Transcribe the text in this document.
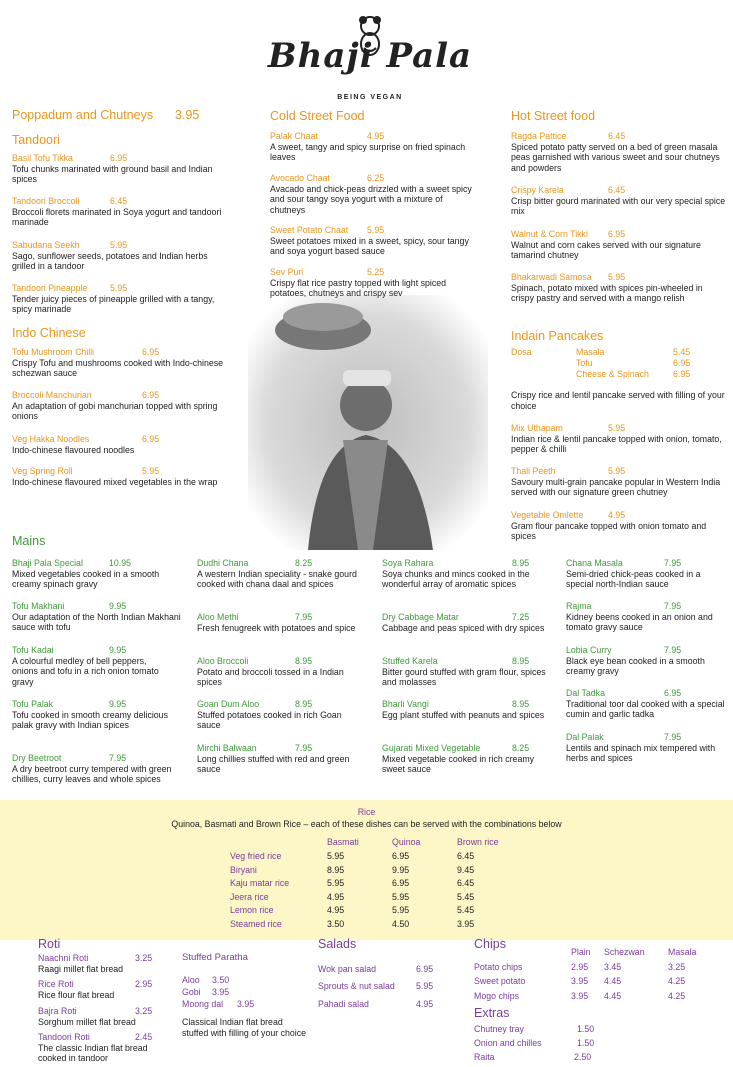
Bhaji Pala
BEING VEGAN
Poppadum and Chutneys 3.95
Tandoori
Basil Tofu Tikka	6.95
Tofu chunks marinated with ground basil and Indian spices
Tandoori Broccoli	6.45
Broccoli florets marinated in Soya yogurt and tandoori marinade
Sabudana Seekh	5.95
Sago, sunflower seeds, potatoes and Indian herbs grilled in a tandoor
Tandoori Pineapple	5.95
Tender juicy pieces of pineapple grilled with a tangy, spicy marinade
Indo Chinese
Tofu Mushroom Chilli	6.95
Crispy Tofu and mushrooms cooked with Indo-chinese schezwan sauce
Broccoli Manchurian	6.95
An adaptation of gobi manchurian topped with spring onions
Veg Hakka Noodles	6.95
Indo-chinese flavoured noodles
Veg Spring Roll	5.95
Indo-chinese flavoured mixed vegetables in the wrap
Cold Street Food
Palak Chaat	4.95
A sweet, tangy and spicy surprise on fried spinach leaves
Avocado Chaat	6.25
Avacado and chick-peas drizzled with a sweet spicy and sour tangy soya yogurt with a mixture of chutneys
Sweet Potato Chaat 5.95
Sweet potatoes mixed in a sweet, spicy, sour tangy and soya yogurt based sauce
Sev Puri	5.25
Crispy flat rice pastry topped with light spiced potatoes, chutneys and crispy sev
Hot Street food
Ragda Pattice	6.45
Spiced potato patty served on a bed of green masala peas garnished with various sweet and sour chutneys and powders
Crispy Karela	6.45
Crisp bitter gourd marinated with our very special spice mix
Walnut & Corn Tikki 6.95
Walnut and corn cakes served with our signature tamarind chutney
Bhakarwadi Samosa 5.95
Spinach, potato mixed with spices pin-wheeled in crispy pastry and served with a mango relish
Indain Pancakes
Dosa	Masala	5.45
Tofu	6.95
Cheese & Spinach	6.95
Crispy rice and lentil pancake served with filling of your choice
Mix Uthapam	5.95
Indian rice & lentil pancake topped with onion, tomato, pepper & chilli
Thali Peeth	5.95
Savoury multi-grain pancake popular in Western India served with our signature green chutney
Vegetable Omlette	4.95
Gram flour pancake topped with onion tomato and spices
Mains
Bhaji Pala Special	10.95
Mixed vegetables cooked in a smooth creamy spinach gravy
Tofu Makhani	9.95
Our adaptation of the North Indian Makhani sauce with tofu
Tofu Kadai	9.95
A colourful medley of bell peppers, onions and tofu in a rich onion tomato gravy
Tofu Palak	9.95
Tofu cooked in smooth creamy delicious palak gravy with Indian spices
Dry Beetroot	7.95
A dry beetroot curry tempered with green chillies, curry leaves and whole spices
Dudhi Chana	8.25
A western Indian speciality - snake gourd cooked with chana daal and spices
Aloo Methi	7.95
Fresh fenugreek with potatoes and spice
Aloo Broccoli	8.95
Potato and broccoli tossed in a Indian spices
Goan Dum Aloo	8.95
Stuffed potatoes cooked in rich Goan sauce
Mirchi Balwaan	7.95
Long chillies stuffed with red and green sauce
Soya Rahara	8.95
Soya chunks and mincs cooked in the wonderful array of aromatic spices
Dry Cabbage Matar	7.25
Cabbage and peas spiced with dry spices
Stuffed Karela	8.95
Bitter gourd stuffed with gram flour, spices and molasses
Bharli Vangi	8.95
Egg plant stuffed with peanuts and spices
Gujarati Mixed Vegetable	8.25
Mixed vegetable cooked in rich creamy sweet sauce
Chana Masala	7.95
Semi-dried chick-peas cooked in a special north-Indian sauce
Rajma	7.95
Kidney beens cooked in an onion and tomato gravy sauce
Lobia Curry	7.95
Black eye bean cooked in a smooth creamy gravy
Dal Tadka	6.95
Traditional toor dal cooked with a special cumin and garlic tadka
Dal Palak	7.95
Lentils and spinach mix tempered with herbs and spices
Rice
Quinoa, Basmati and Brown Rice – each of these dishes can be served with the combinations below
Basmati	Quinoa	Brown rice
Veg fried rice	5.95	6.95	6.45
Biryani	8.95	9.95	9.45
Kaju matar rice	5.95	6.95	6.45
Jeera rice	4.95	5.95	5.45
Lemon rice	4.95	5.95	5.45
Steamed rice	3.50	4.50	3.95
Roti
Naachni Roti	3.25
Raagi millet flat bread
Rice Roti	2.95
Rice flour flat bread
Bajra Roti	3.25
Sorghum millet flat bread
Tandoori Roti	2.45
The classic Indian flat bread cooked in tandoor
Stuffed Paratha
Aloo 3.50
Gobi 3.95
Moong dal 3.95
Classical Indian flat bread stuffed with filling of your choice
Salads
Wok pan salad	6.95
Sprouts & nut salad 5.95
Pahadi salad	4.95
Chips
Plain Schezwan	Masala
Potato chips	2.95 3.45	3.25
Sweet potato	3.95 4.45	4.25
Mogo chips	3.95 4.45	4.25
Extras
Chutney tray	1.50
Onion and chilles	1.50
Raita	2.50
